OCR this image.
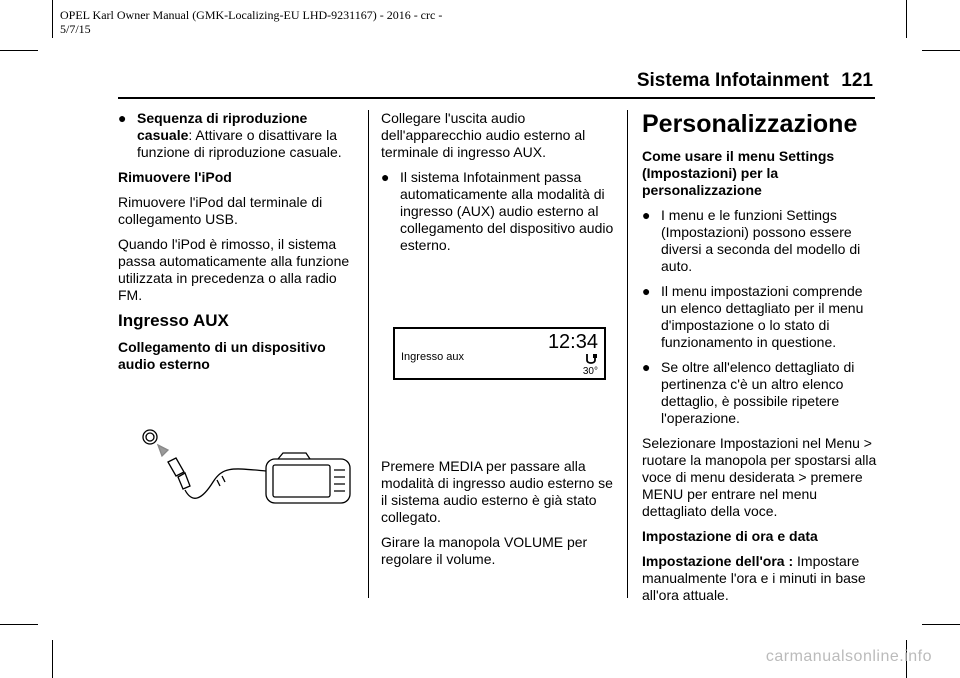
OPEL Karl Owner Manual (GMK-Localizing-EU LHD-9231167) - 2016 - crc -
5/7/15
Sistema Infotainment 121
● Sequenza di riproduzione casuale: Attivare o disattivare la funzione di riproduzione casuale.

Rimuovere l'iPod

Rimuovere l'iPod dal terminale di collegamento USB.

Quando l'iPod è rimosso, il sistema passa automaticamente alla funzione utilizzata in precedenza o alla radio FM.

Ingresso AUX

Collegamento di un dispositivo audio esterno

Collegare l'uscita audio dell'apparecchio audio esterno al terminale di ingresso AUX.

● Il sistema Infotainment passa automaticamente alla modalità di ingresso (AUX) audio esterno al collegamento del dispositivo audio esterno.
Ingresso aux
12:34
30°

Premere MEDIA per passare alla modalità di ingresso audio esterno se il sistema audio esterno è già stato collegato.

Girare la manopola VOLUME per regolare il volume.

Personalizzazione

Come usare il menu Settings (Impostazioni) per la personalizzazione

● I menu e le funzioni Settings (Impostazioni) possono essere diversi a seconda del modello di auto.
● Il menu impostazioni comprende un elenco dettagliato per il menu d'impostazione o lo stato di funzionamento in questione.
● Se oltre all'elenco dettagliato di pertinenza c'è un altro elenco dettaglio, è possibile ripetere l'operazione.

Selezionare Impostazioni nel Menu > ruotare la manopola per spostarsi alla voce di menu desiderata > premere MENU per entrare nel menu dettagliato della voce.

Impostazione di ora e data

Impostazione dell'ora : Impostare manualmente l'ora e i minuti in base all'ora attuale.

carmanualsonline.info
